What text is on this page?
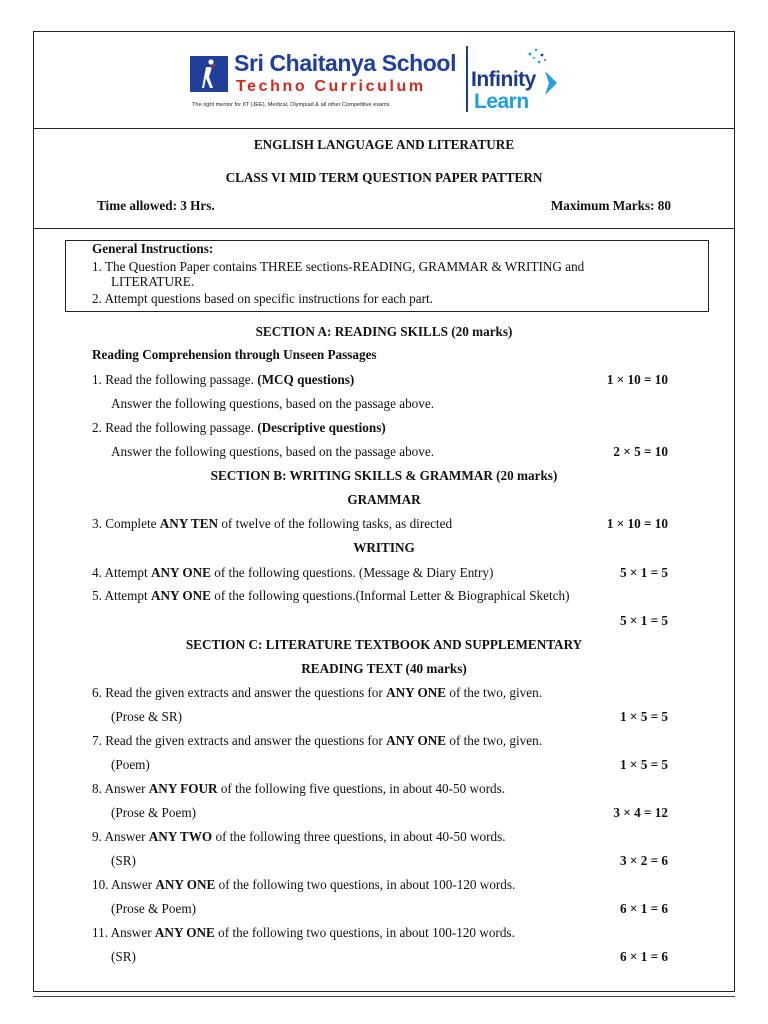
Sri Chaitanya School
Techno Curriculum
The right mentor for IIT (JEE), Medical, Olympiad & all other Competitive exams
Infinity
Learn
ENGLISH LANGUAGE AND LITERATURE
CLASS VI MID TERM QUESTION PAPER PATTERN
Time allowed: 3 Hrs.	Maximum Marks: 80
General Instructions:
1. The Question Paper contains THREE sections-READING, GRAMMAR & WRITING and
LITERATURE.
2. Attempt questions based on specific instructions for each part.
SECTION A: READING SKILLS (20 marks)
Reading Comprehension through Unseen Passages
1. Read the following passage. (MCQ questions)	1 × 10 = 10
Answer the following questions, based on the passage above.
2. Read the following passage. (Descriptive questions)
Answer the following questions, based on the passage above.	2 × 5 = 10
SECTION B: WRITING SKILLS & GRAMMAR (20 marks)
GRAMMAR
3. Complete ANY TEN of twelve of the following tasks, as directed	1 × 10 = 10
WRITING
4. Attempt ANY ONE of the following questions. (Message & Diary Entry)	5 × 1 = 5
5. Attempt ANY ONE of the following questions.(Informal Letter & Biographical Sketch)
5 × 1 = 5
SECTION C: LITERATURE TEXTBOOK AND SUPPLEMENTARY
READING TEXT (40 marks)
6. Read the given extracts and answer the questions for ANY ONE of the two, given.
(Prose & SR)	1 × 5 = 5
7. Read the given extracts and answer the questions for ANY ONE of the two, given.
(Poem)	1 × 5 = 5
8. Answer ANY FOUR of the following five questions, in about 40-50 words.
(Prose & Poem)	3 × 4 = 12
9. Answer ANY TWO of the following three questions, in about 40-50 words.
(SR)	3 × 2 = 6
10. Answer ANY ONE of the following two questions, in about 100-120 words.
(Prose & Poem)	6 × 1 = 6
11. Answer ANY ONE of the following two questions, in about 100-120 words.
(SR)	6 × 1 = 6
